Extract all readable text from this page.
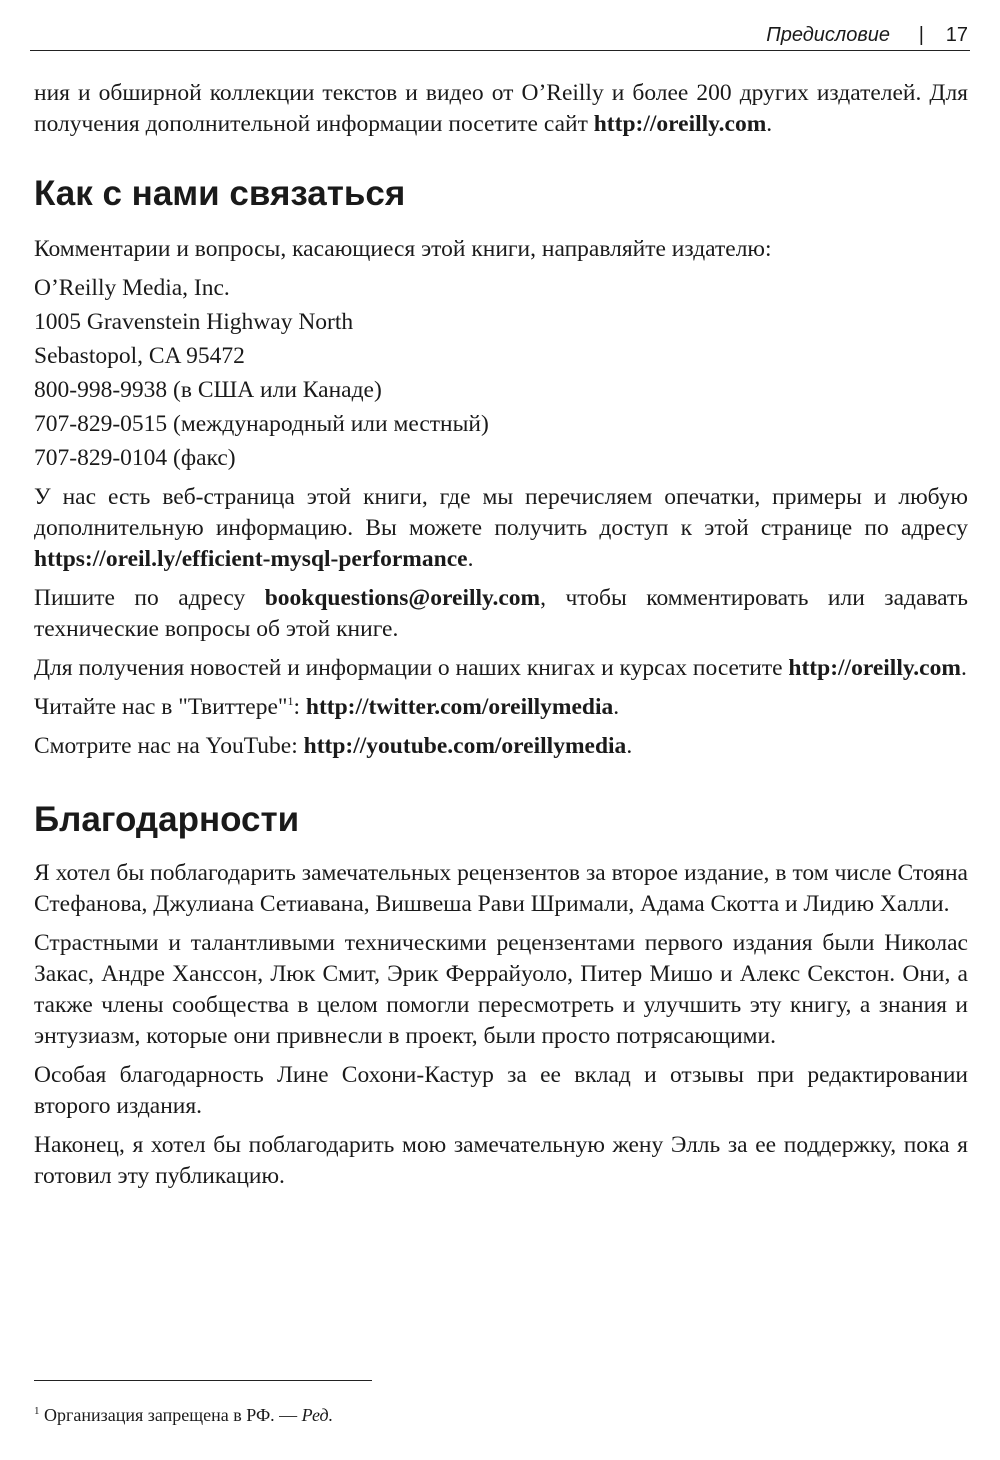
Предисловие | 17

ния и обширной коллекции текстов и видео от O’Reilly и более 200 других издателей. Для получения дополнительной информации посетите сайт http://oreilly.com.

Как с нами связаться

Комментарии и вопросы, касающиеся этой книги, направляйте издателю:

O’Reilly Media, Inc.

1005 Gravenstein Highway North

Sebastopol, CA 95472

800-998-9938 (в США или Канаде)

707-829-0515 (международный или местный)

707-829-0104 (факс)

У нас есть веб-страница этой книги, где мы перечисляем опечатки, примеры и любую дополнительную информацию. Вы можете получить доступ к этой странице по адресу https://oreil.ly/efficient-mysql-performance.

Пишите по адресу bookquestions@oreilly.com, чтобы комментировать или задавать технические вопросы об этой книге.

Для получения новостей и информации о наших книгах и курсах посетите http://oreilly.com.

Читайте нас в "Твиттере"$^1$: http://twitter.com/oreillymedia.

Смотрите нас на YouTube: http://youtube.com/oreillymedia.

Благодарности

Я хотел бы поблагодарить замечательных рецензентов за второе издание, в том числе Стояна Стефанова, Джулиана Сетиавана, Вишвеша Рави Шримали, Адама Скотта и Лидию Халли.

Страстными и талантливыми техническими рецензентами первого издания были Николас Закас, Андре Ханссон, Люк Смит, Эрик Феррайуоло, Питер Мишо и Алекс Секстон. Они, а также члены сообщества в целом помогли пересмотреть и улучшить эту книгу, а знания и энтузиазм, которые они привнесли в проект, были просто потрясающими.

Особая благодарность Лине Сохони-Кастур за ее вклад и отзывы при редактировании второго издания.

Наконец, я хотел бы поблагодарить мою замечательную жену Элль за ее поддержку, пока я готовил эту публикацию.

$^1$ Организация запрещена в РФ. — Ред.
